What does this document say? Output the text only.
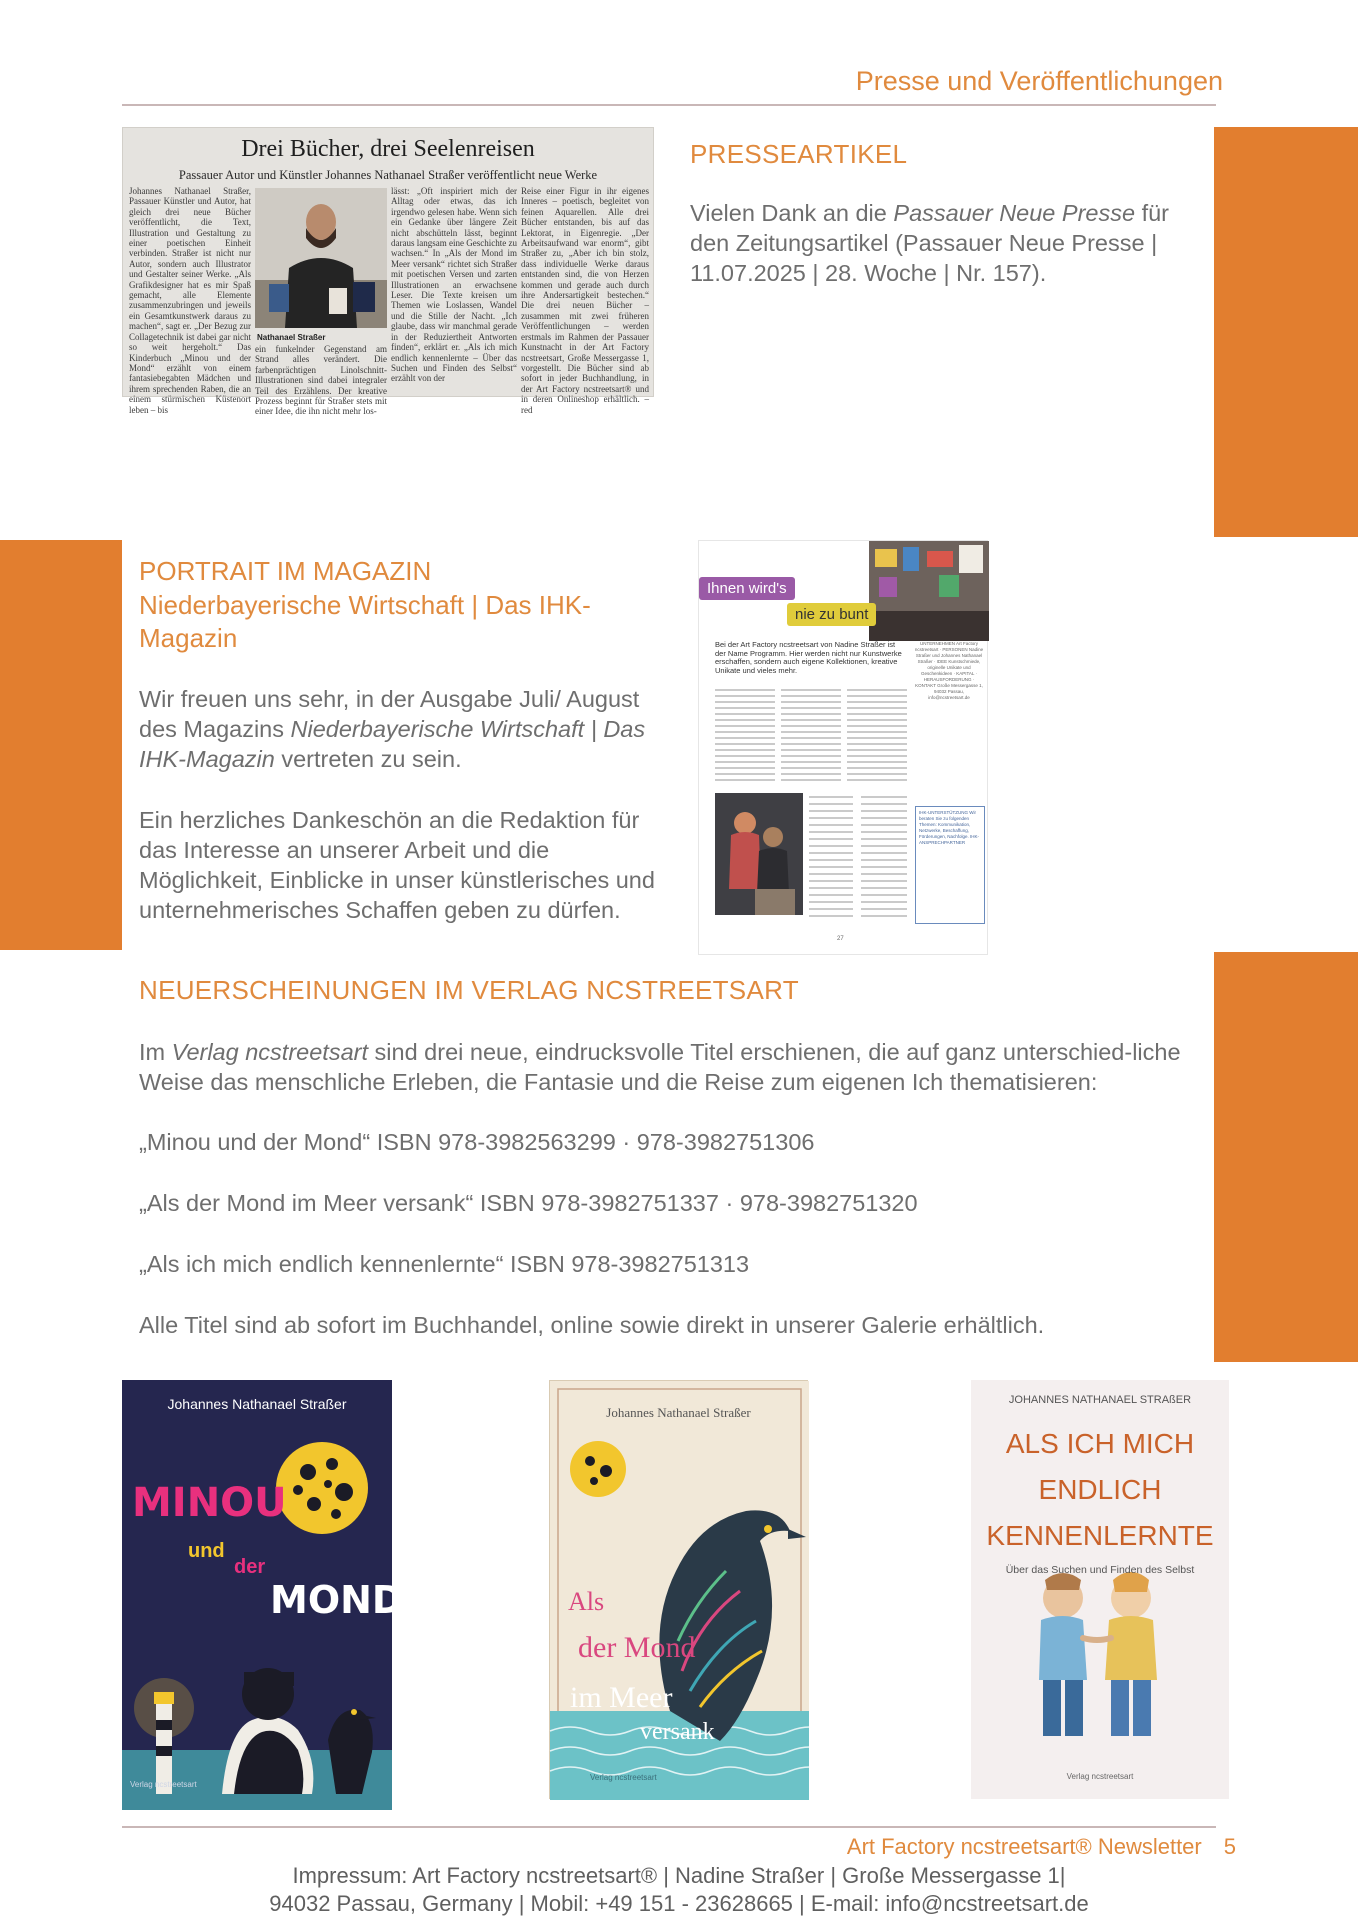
Presse und Veröffentlichungen
Drei Bücher, drei Seelenreisen
Passauer Autor und Künstler Johannes Nathanael Straßer veröffentlicht neue Werke
Johannes Nathanael Straßer, Passauer Künstler und Autor, hat gleich drei neue Bücher veröffentlicht, die Text, Illustration und Gestaltung zu einer poetischen Einheit verbinden. Straßer ist nicht nur Autor, sondern auch Illustrator und Gestalter seiner Werke. „Als Grafikdesigner hat es mir Spaß gemacht, alle Elemente zusammenzubringen und jeweils ein Gesamtkunstwerk daraus zu machen“, sagt er. „Der Bezug zur Collagetechnik ist dabei gar nicht so weit hergeholt.“ Das Kinderbuch „Minou und der Mond“ erzählt von einem fantasiebegabten Mädchen und ihrem sprechenden Raben, die an einem stürmischen Küstenort leben – bis
Nathanael Straßer
ein funkelnder Gegenstand am Strand alles verändert. Die farbenprächtigen Linolschnitt-Illustrationen sind dabei integraler Teil des Erzählens. Der kreative Prozess beginnt für Straßer stets mit einer Idee, die ihn nicht mehr los-
lässt: „Oft inspiriert mich der Alltag oder etwas, das ich irgendwo gelesen habe. Wenn sich ein Gedanke über längere Zeit nicht abschütteln lässt, beginnt daraus langsam eine Geschichte zu wachsen.“ In „Als der Mond im Meer versank“ richtet sich Straßer mit poetischen Versen und zarten Illustrationen an erwachsene Leser. Die Texte kreisen um Themen wie Loslassen, Wandel und die Stille der Nacht. „Ich glaube, dass wir manchmal gerade in der Reduziertheit Antworten finden“, erklärt er. „Als ich mich endlich kennenlernte – Über das Suchen und Finden des Selbst“ erzählt von der
Reise einer Figur in ihr eigenes Inneres – poetisch, begleitet von feinen Aquarellen. Alle drei Bücher entstanden, bis auf das Lektorat, in Eigenregie. „Der Arbeitsaufwand war enorm“, gibt Straßer zu, „Aber ich bin stolz, dass individuelle Werke daraus entstanden sind, die von Herzen kommen und gerade auch durch ihre Andersartigkeit bestechen.“ Die drei neuen Bücher – zusammen mit zwei früheren Veröffentlichungen – werden erstmals im Rahmen der Passauer Kunstnacht in der Art Factory ncstreetsart, Große Messergasse 1, vorgestellt. Die Bücher sind ab sofort in jeder Buchhandlung, in der Art Factory ncstreetsart® und in deren Onlineshop erhältlich. – red
PRESSEARTIKEL
Vielen Dank an die Passauer Neue Presse für den Zeitungsartikel (Passauer Neue Presse | 11.07.2025 | 28. Woche | Nr. 157).
PORTRAIT IM MAGAZIN
Niederbayerische Wirtschaft | Das IHK-Magazin
Wir freuen uns sehr, in der Ausgabe Juli/ August des Magazins Niederbayerische Wirtschaft | Das IHK-Magazin vertreten zu sein.
Ein herzliches Dankeschön an die Redaktion für das Interesse an unserer Arbeit und die Möglichkeit, Einblicke in unser künstlerisches und unternehmerisches Schaffen geben zu dürfen.
Ihnen wird's
nie zu bunt
Bei der Art Factory ncstreetsart von Nadine Straßer ist der Name Programm. Hier werden nicht nur Kunstwerke erschaffen, sondern auch eigene Kollektionen, kreative Unikate und vieles mehr.
UNTERNEHMEN Art Factory ncstreetsart · PERSONEN Nadine Straßer und Johannes Nathanael Straßer · IDEE Kunstschmiede, originelle Unikate und Geschenkideen · KAPITAL · HERAUSFORDERUNG · KONTAKT Große Messergasse 1, 94032 Passau, info@ncstreetsart.de
IHK-UNTERSTÜTZUNG Wir beraten Sie zu folgenden Themen: Kommunikation, Netzwerke, Beschaffung, Förderungen, Nachfolge. IHK-ANSPRECHPARTNER
27
NEUERSCHEINUNGEN IM VERLAG NCSTREETSART
Im Verlag ncstreetsart sind drei neue, eindrucksvolle Titel erschienen, die auf ganz unterschied-liche Weise das menschliche Erleben, die Fantasie und die Reise zum eigenen Ich thematisieren:
„Minou und der Mond“ ISBN 978-3982563299 · 978-3982751306
„Als der Mond im Meer versank“ ISBN 978-3982751337 · 978-3982751320
„Als ich mich endlich kennenlernte“ ISBN 978-3982751313
Alle Titel sind ab sofort im Buchhandel, online sowie direkt in unserer Galerie erhältlich.
Johannes Nathanael Straßer
MINOU
und
der
MOND
Verlag ncstreetsart
Johannes Nathanael Straßer
Als
der Mond
im Meer
versank
Verlag ncstreetsart
JOHANNES NATHANAEL STRAßER
ALS ICH MICH
ENDLICH
KENNENLERNTE
Über das Suchen und Finden des Selbst
Verlag ncstreetsart
Art Factory ncstreetsart® Newsletter 5
Impressum: Art Factory ncstreetsart® | Nadine Straßer | Große Messergasse 1|
94032 Passau, Germany | Mobil: +49 151 - 23628665 | E-mail: info@ncstreetsart.de
